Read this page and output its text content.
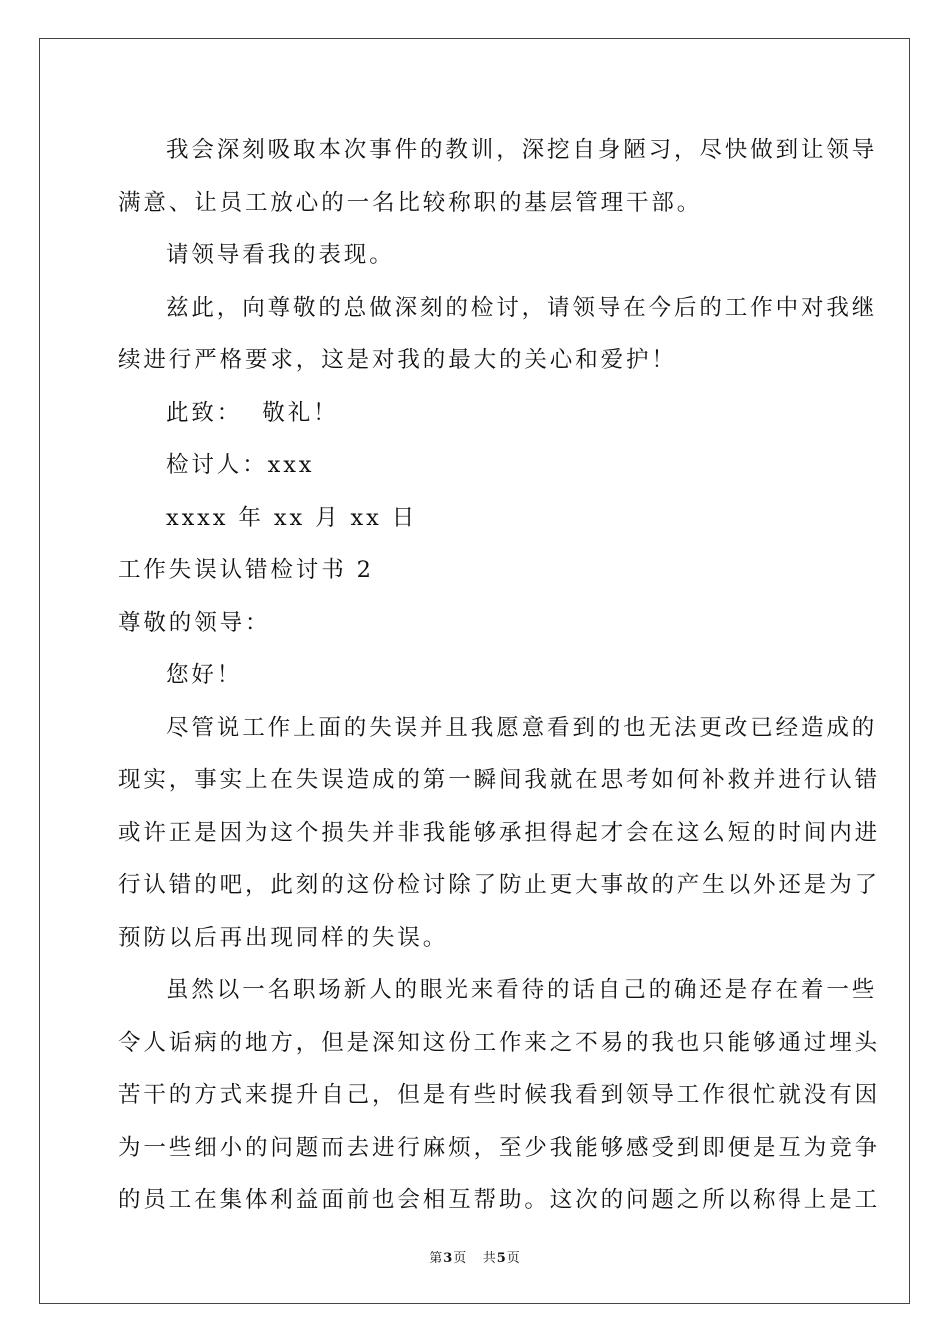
我会深刻吸取本次事件的教训，深挖自身陋习，尽快做到让领导
满意、让员工放心的一名比较称职的基层管理干部。
请领导看我的表现。
兹此，向尊敬的总做深刻的检讨，请领导在今后的工作中对我继
续进行严格要求，这是对我的最大的关心和爱护！
此致：  敬礼！
检讨人：xxx
xxxx 年 xx 月 xx 日
工作失误认错检讨书 2
尊敬的领导：
您好！
尽管说工作上面的失误并且我愿意看到的也无法更改已经造成的
现实，事实上在失误造成的第一瞬间我就在思考如何补救并进行认错
或许正是因为这个损失并非我能够承担得起才会在这么短的时间内进
行认错的吧，此刻的这份检讨除了防止更大事故的产生以外还是为了
预防以后再出现同样的失误。
虽然以一名职场新人的眼光来看待的话自己的确还是存在着一些
令人诟病的地方，但是深知这份工作来之不易的我也只能够通过埋头
苦干的方式来提升自己，但是有些时候我看到领导工作很忙就没有因
为一些细小的问题而去进行麻烦，至少我能够感受到即便是互为竞争
的员工在集体利益面前也会相互帮助。这次的问题之所以称得上是工
第3页   共5页
